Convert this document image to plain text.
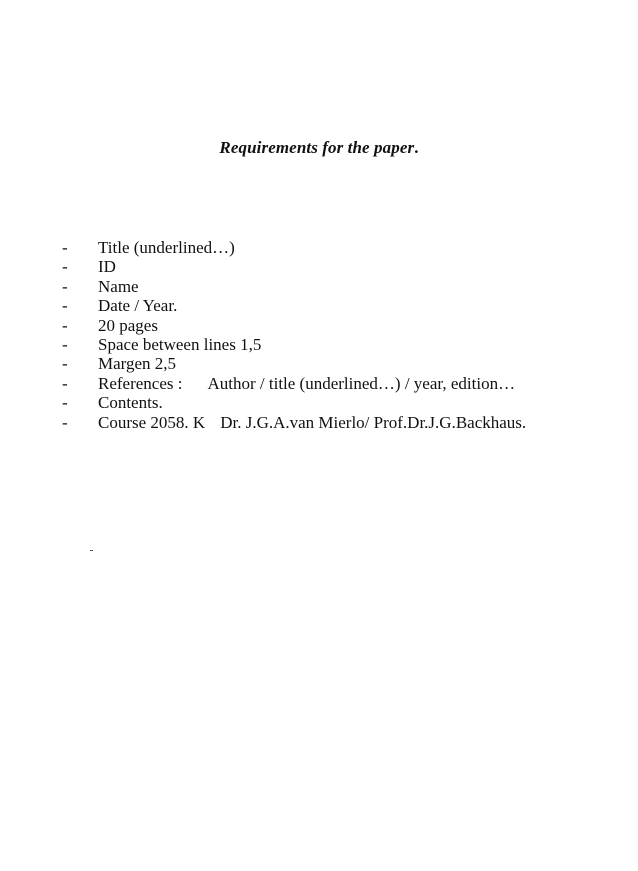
Requirements for the paper.
-	Title (underlined…)
-	ID
-	Name
-	Date / Year.
-	20 pages
-	Space between lines 1,5
-	Margen 2,5
-	References : Author / title (underlined…) / year, edition…
-	Contents.
-	Course 2058. K Dr. J.G.A.van Mierlo/ Prof.Dr.J.G.Backhaus.
